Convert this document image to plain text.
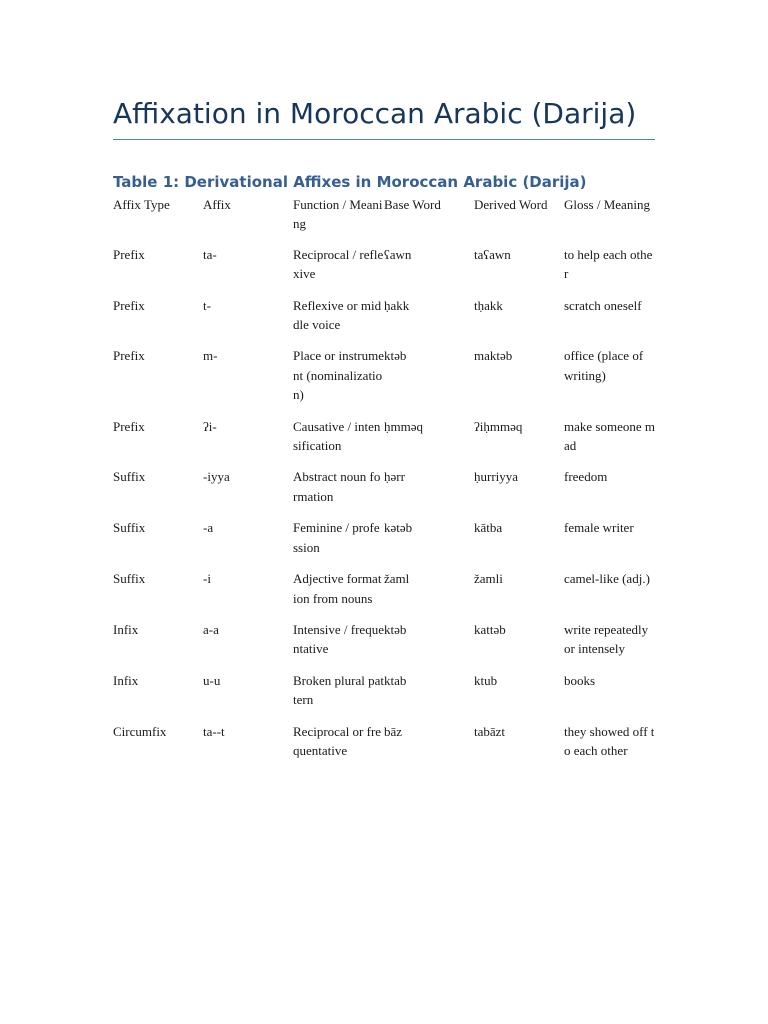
Affixation in Moroccan Arabic (Darija)
Table 1: Derivational Affixes in Moroccan Arabic (Darija)
Affix Type	Affix	Function / Meaning	Base Word	Derived Word	Gloss / Meaning
Prefix	ta-	Reciprocal / reflexive	ʕawn	taʕawn	to help each other
Prefix	t-	Reflexive or middle voice	ḥakk	tḥakk	scratch oneself
Prefix	m-	Place or instrument (nominalization)	ktəb	maktəb	office (place of writing)
Prefix	ʔi-	Causative / intensification	ḥmməq	ʔiḥmməq	make someone mad
Suffix	-iyya	Abstract noun formation	ḥərr	ḥurriyya	freedom
Suffix	-a	Feminine / profession	kətəb	kātba	female writer
Suffix	-i	Adjective formation from nouns	žaml	žamli	camel-like (adj.)
Infix	a-a	Intensive / frequentative	ktəb	kattəb	write repeatedly or intensely
Infix	u-u	Broken plural pattern	ktab	ktub	books
Circumfix	ta--t	Reciprocal or frequentative	bāz	tabāzt	they showed off to each other
